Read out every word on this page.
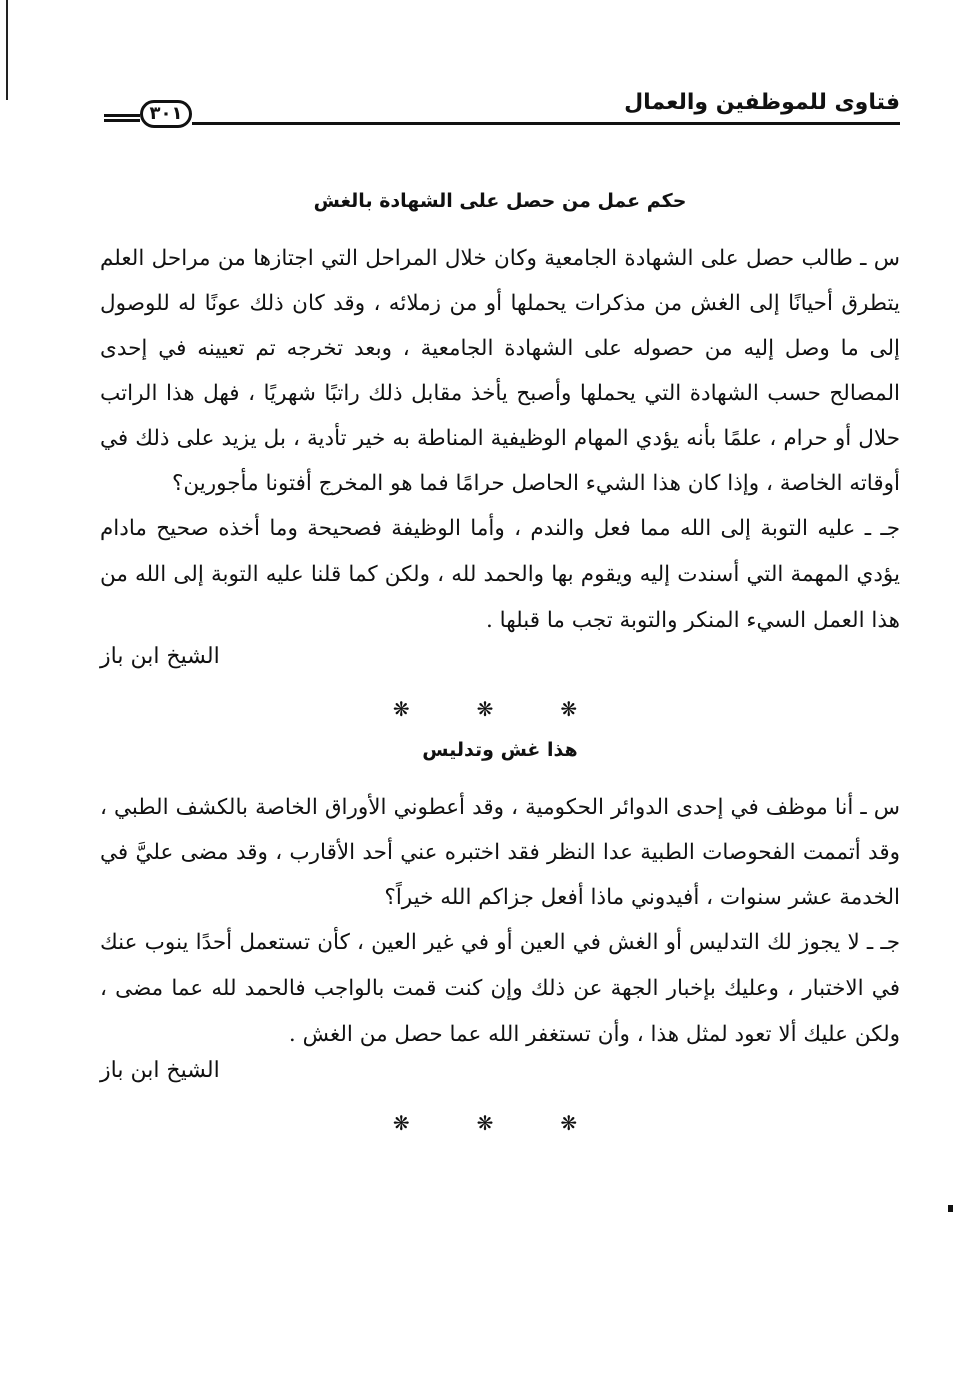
٣٠١	فتاوى للموظفين والعمال
حكم عمل من حصل على الشهادة بالغش

س ـ طالب حصل على الشهادة الجامعية وكان خلال المراحل التي اجتازها من مراحل العلم يتطرق أحيانًا إلى الغش من مذكرات يحملها أو من زملائه ، وقد كان ذلك عونًا له للوصول إلى ما وصل إليه من حصوله على الشهادة الجامعية ، وبعد تخرجه تم تعيينه في إحدى المصالح حسب الشهادة التي يحملها وأصبح يأخذ مقابل ذلك راتبًا شهريًا ، فهل هذا الراتب حلال أو حرام ، علمًا بأنه يؤدي المهام الوظيفية المناطة به خير تأدية ، بل يزيد على ذلك في أوقاته الخاصة ، وإذا كان هذا الشيء الحاصل حرامًا فما هو المخرج أفتونا مأجورين؟

جـ ـ عليه التوبة إلى الله مما فعل والندم ، وأما الوظيفة فصحيحة وما أخذه صحيح مادام يؤدي المهمة التي أسندت إليه ويقوم بها والحمد لله ، ولكن كما قلنا عليه التوبة إلى الله من هذا العمل السيء المنكر والتوبة تجب ما قبلها .

الشيخ ابن باز
❋ ❋ ❋
هذا غش وتدليس

س ـ أنا موظف في إحدى الدوائر الحكومية ، وقد أعطوني الأوراق الخاصة بالكشف الطبي ، وقد أتممت الفحوصات الطبية عدا النظر فقد اختبره عني أحد الأقارب ، وقد مضى عليَّ في الخدمة عشر سنوات ، أفيدوني ماذا أفعل جزاكم الله خيراً؟

جـ ـ لا يجوز لك التدليس أو الغش في العين أو في غير العين ، كأن تستعمل أحدًا ينوب عنك في الاختبار ، وعليك بإخبار الجهة عن ذلك وإن كنت قمت بالواجب فالحمد لله عما مضى ، ولكن عليك ألا تعود لمثل هذا ، وأن تستغفر الله عما حصل من الغش .

الشيخ ابن باز
❋ ❋ ❋
